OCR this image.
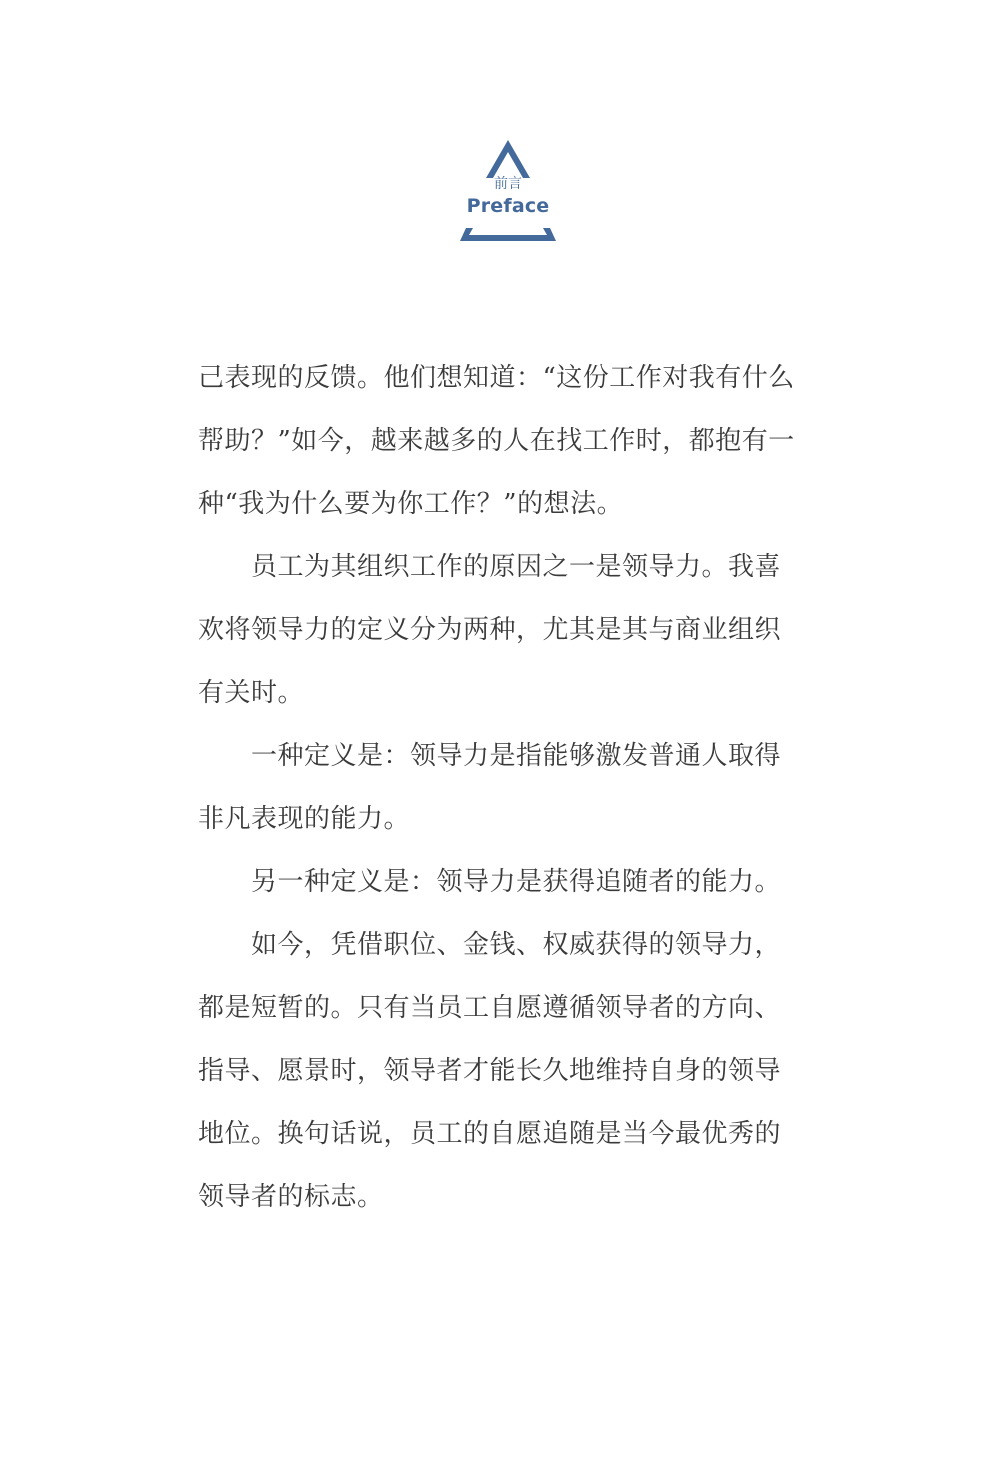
前言
Preface

己表现的反馈。他们想知道：“这份工作对我有什么

帮助？”如今，越来越多的人在找工作时，都抱有一

种“我为什么要为你工作？”的想法。

员工为其组织工作的原因之一是领导力。我喜

欢将领导力的定义分为两种，尤其是其与商业组织

有关时。

一种定义是：领导力是指能够激发普通人取得

非凡表现的能力。

另一种定义是：领导力是获得追随者的能力。

如今，凭借职位、金钱、权威获得的领导力，

都是短暂的。只有当员工自愿遵循领导者的方向、

指导、愿景时，领导者才能长久地维持自身的领导

地位。换句话说，员工的自愿追随是当今最优秀的

领导者的标志。
